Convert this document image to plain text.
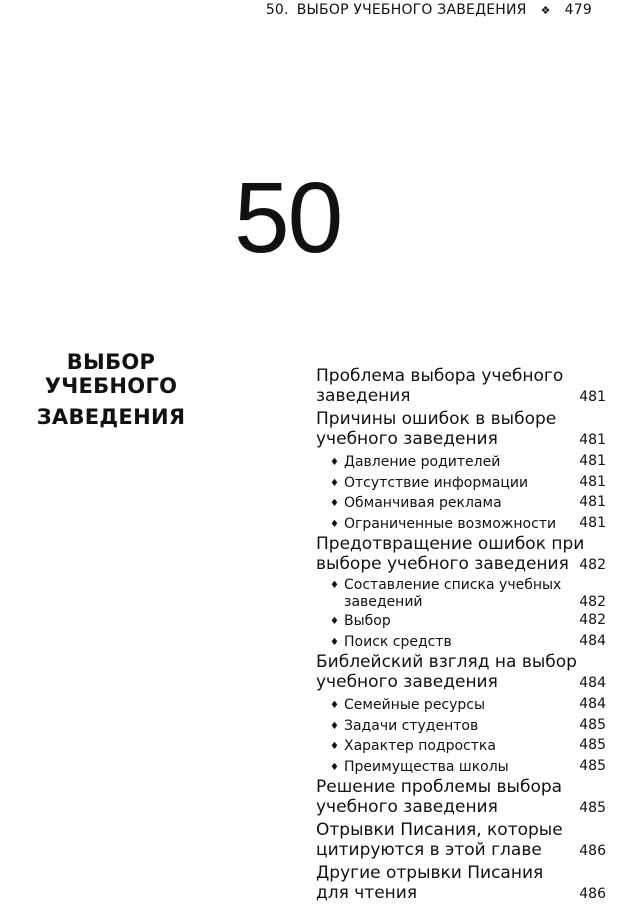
50. ВЫБОР УЧЕБНОГО ЗАВЕДЕНИЯ ❖ 479
50
ВЫБОР УЧЕБНОГО
ЗАВЕДЕНИЯ
Проблема выбора учебного
заведения	481
Причины ошибок в выборе
учебного заведения	481
♦ Давление родителей	481
♦ Отсутствие информации	481
♦ Обманчивая реклама	481
♦ Ограниченные возможности 481
Предотвращение ошибок при
выборе учебного заведения 482
♦ Составление списка учебных
заведений	482
♦ Выбор	482
♦ Поиск средств	484
Библейский взгляд на выбор
учебного заведения	484
♦ Семейные ресурсы	484
♦ Задачи студентов	485
♦ Характер подростка	485
♦ Преимущества школы	485
Решение проблемы выбора
учебного заведения	485
Отрывки Писания, которые
цитируются в этой главе	486
Другие отрывки Писания
для чтения	486
